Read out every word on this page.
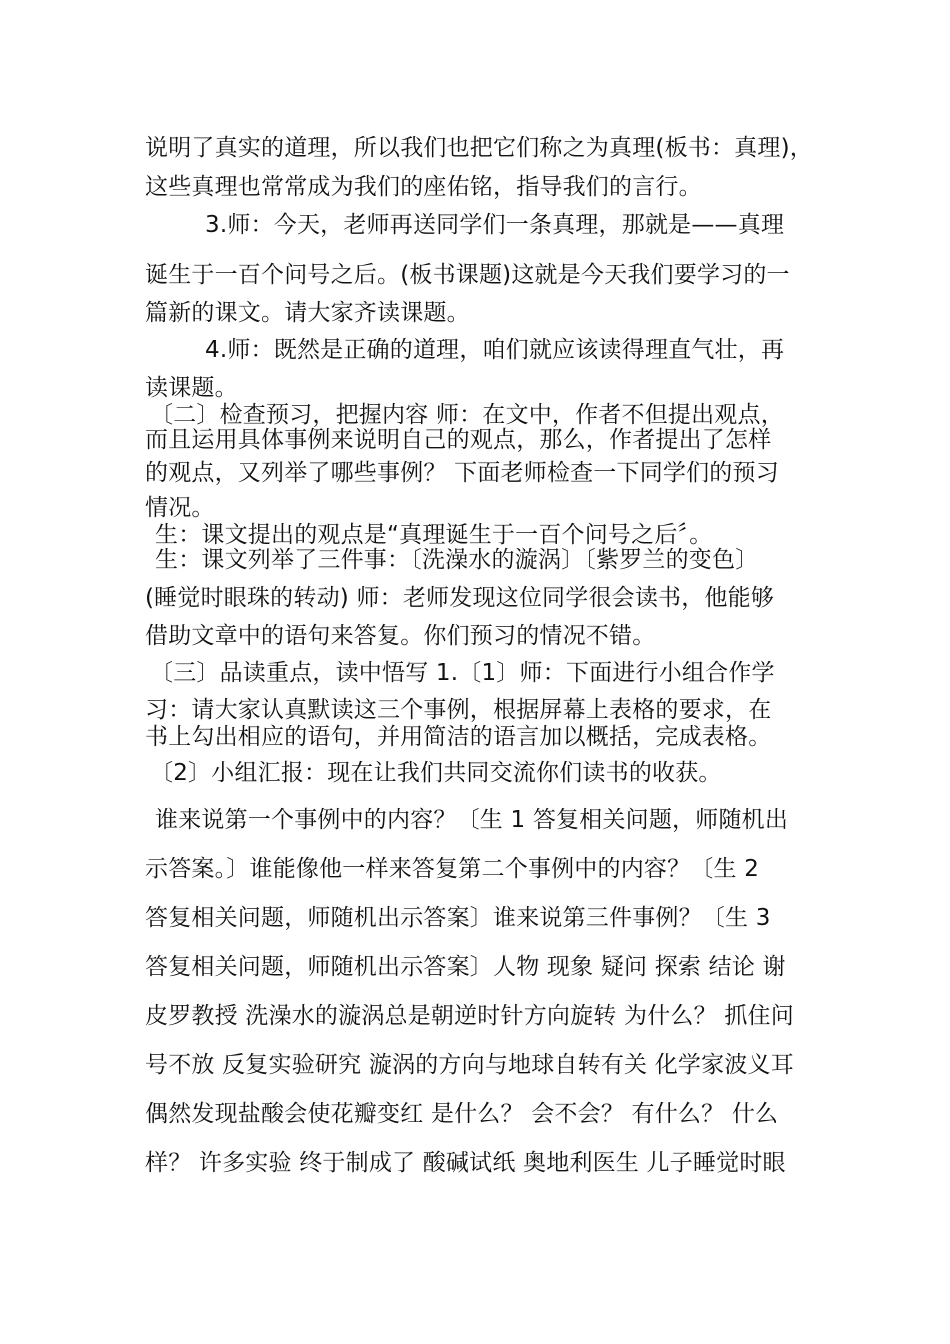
说明了真实的道理，所以我们也把它们称之为真理(板书：真理)，
这些真理也常常成为我们的座佑铭，指导我们的言行。
3.师：今天，老师再送同学们一条真理，那就是——真理
诞生于一百个问号之后。(板书课题)这就是今天我们要学习的一
篇新的课文。请大家齐读课题。
4.师：既然是正确的道理，咱们就应该读得理直气壮，再
读课题。
〔二〕检查预习，把握内容 师：在文中，作者不但提出观点，
而且运用具体事例来说明自己的观点，那么，作者提出了怎样
的观点，又列举了哪些事例？ 下面老师检查一下同学们的预习
情况。
生：课文提出的观点是“真理诞生于一百个问号之后〞。
生：课文列举了三件事：〔洗澡水的漩涡〕〔紫罗兰的变色〕
(睡觉时眼珠的转动) 师：老师发现这位同学很会读书，他能够
借助文章中的语句来答复。你们预习的情况不错。
〔三〕品读重点，读中悟写 1.〔1〕师：下面进行小组合作学
习：请大家认真默读这三个事例，根据屏幕上表格的要求，在
书上勾出相应的语句，并用简洁的语言加以概括，完成表格。
〔2〕小组汇报：现在让我们共同交流你们读书的收获。
谁来说第一个事例中的内容？〔生 1 答复相关问题，师随机出
示答案。〕谁能像他一样来答复第二个事例中的内容？〔生 2
答复相关问题，师随机出示答案〕谁来说第三件事例？〔生 3
答复相关问题，师随机出示答案〕人物 现象 疑问 探索 结论 谢
皮罗教授 洗澡水的漩涡总是朝逆时针方向旋转 为什么？ 抓住问
号不放 反复实验研究 漩涡的方向与地球自转有关 化学家波义耳
偶然发现盐酸会使花瓣变红 是什么？ 会不会？ 有什么？ 什么
样？ 许多实验 终于制成了 酸碱试纸 奥地利医生 儿子睡觉时眼
